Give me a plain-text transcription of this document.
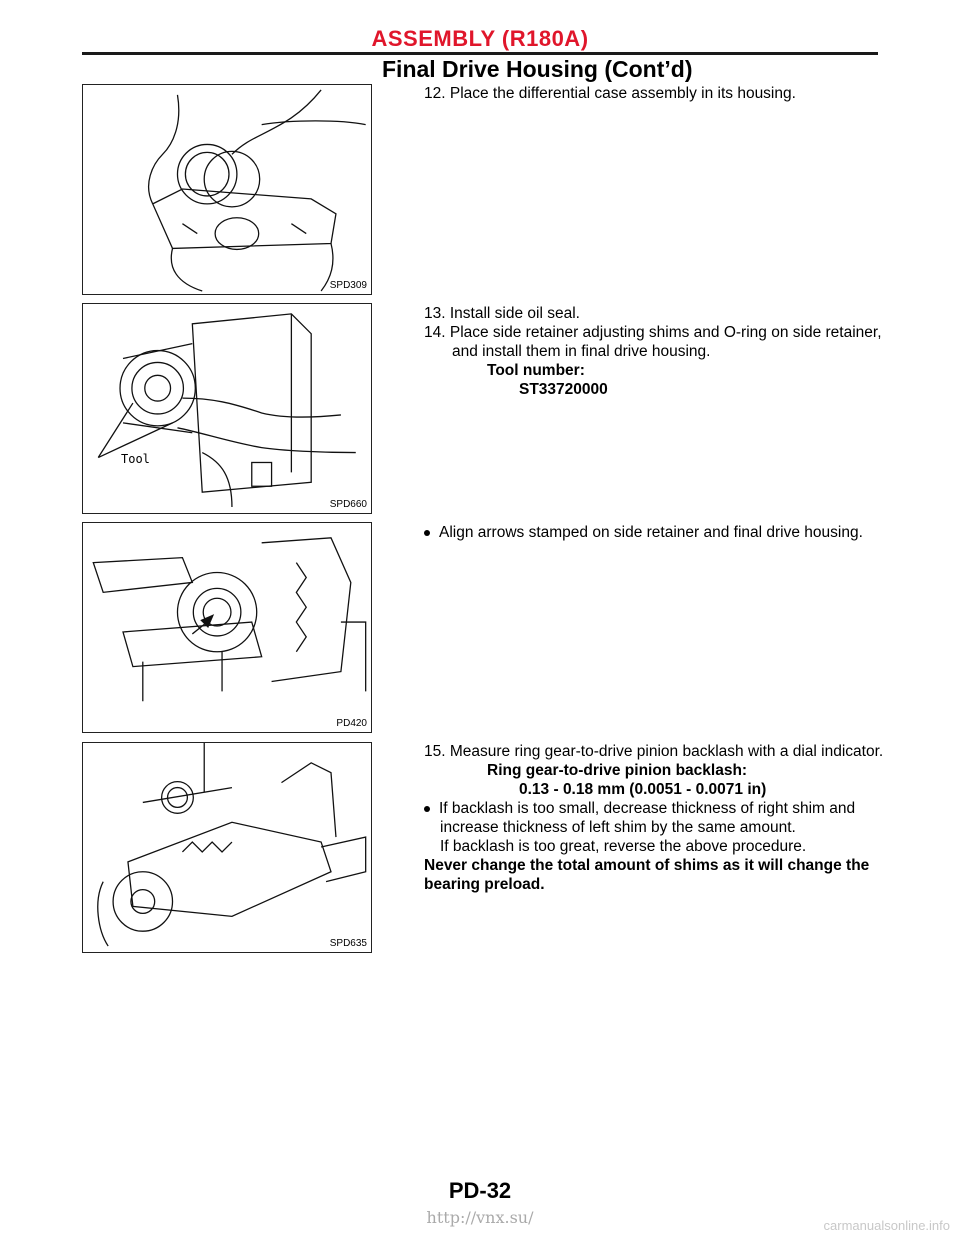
ASSEMBLY (R180A)
Final Drive Housing (Cont’d)
SPD309
Tool
SPD660
PD420
SPD635
12. Place the differential case assembly in its housing.
13. Install side oil seal.
14. Place side retainer adjusting shims and O-ring on side retainer,
and install them in final drive housing.
Tool number:
ST33720000
Align arrows stamped on side retainer and final drive housing.
15. Measure ring gear-to-drive pinion backlash with a dial indicator.
Ring gear-to-drive pinion backlash:
0.13 - 0.18 mm (0.0051 - 0.0071 in)
If backlash is too small, decrease thickness of right shim and
increase thickness of left shim by the same amount.
If backlash is too great, reverse the above procedure.
Never change the total amount of shims as it will change the
bearing preload.
PD-32
http://vnx.su/	carmanualsonline.info
